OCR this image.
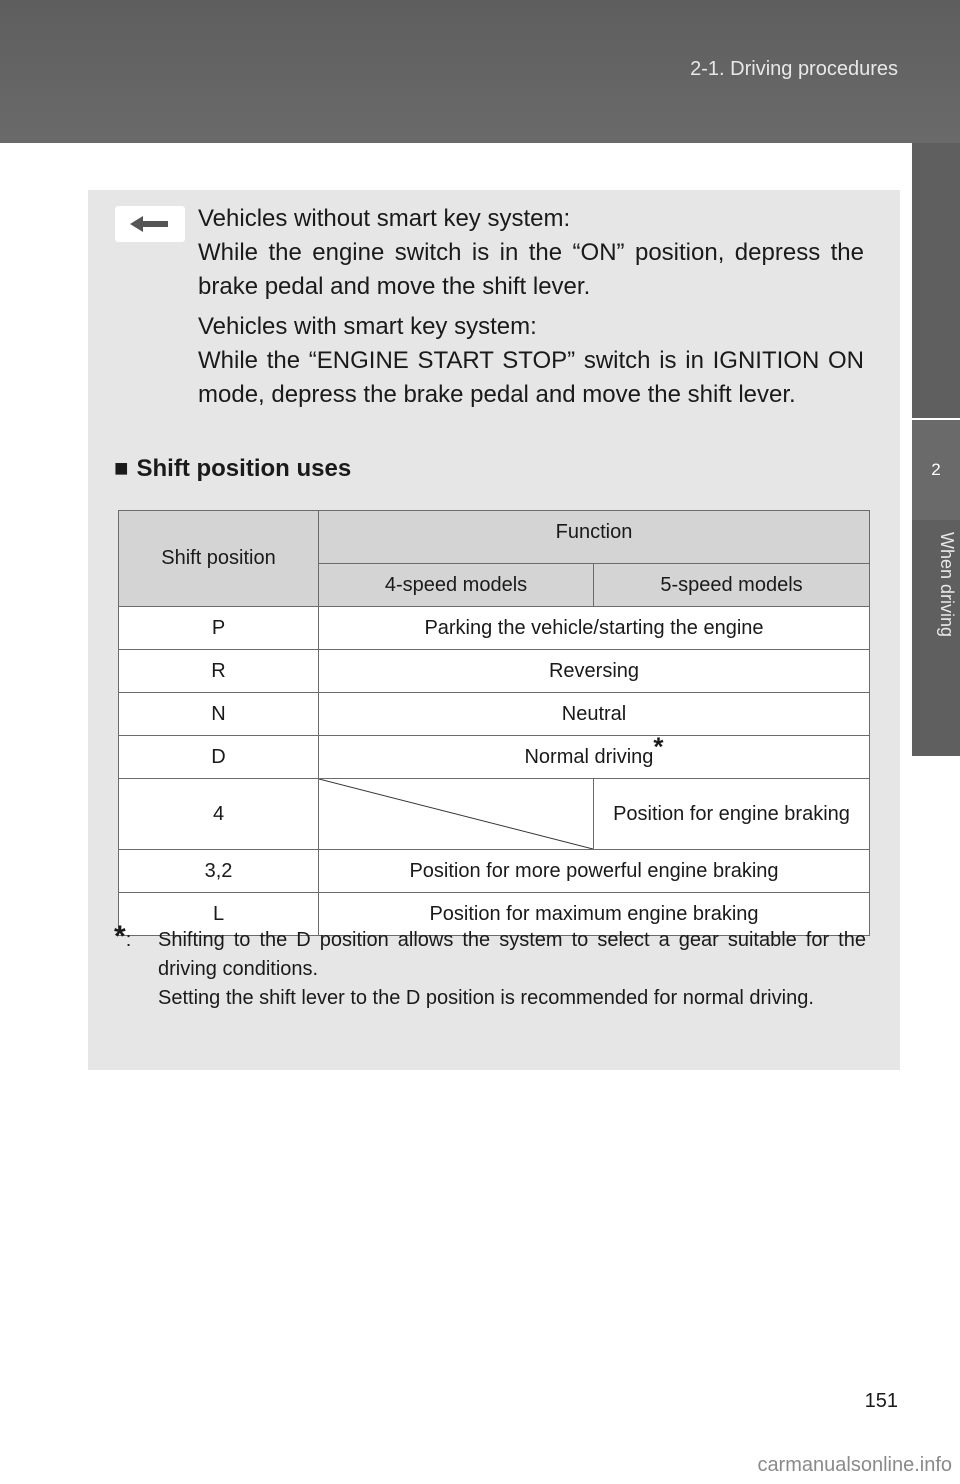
2-1. Driving procedures
2
When driving

Vehicles without smart key system:

While the engine switch is in the “ON” position, depress the brake pedal and move the shift lever.

Vehicles with smart key system:

While the “ENGINE START STOP” switch is in IGNITION ON mode, depress the brake pedal and move the shift lever.

■ Shift position uses
Shift position	Function	
	4-speed models	5-speed models
P	Parking the vehicle/starting the engine	
R	Reversing	
N	Neutral	
D	Normal driving*
4		Position for engine braking
3,2	Position for more powerful engine braking	
L	Position for maximum engine braking	
*: Shifting to the D position allows the system to select a gear suitable for the driving conditions.

Setting the shift lever to the D position is recommended for normal driving.

151
carmanualsonline.info
